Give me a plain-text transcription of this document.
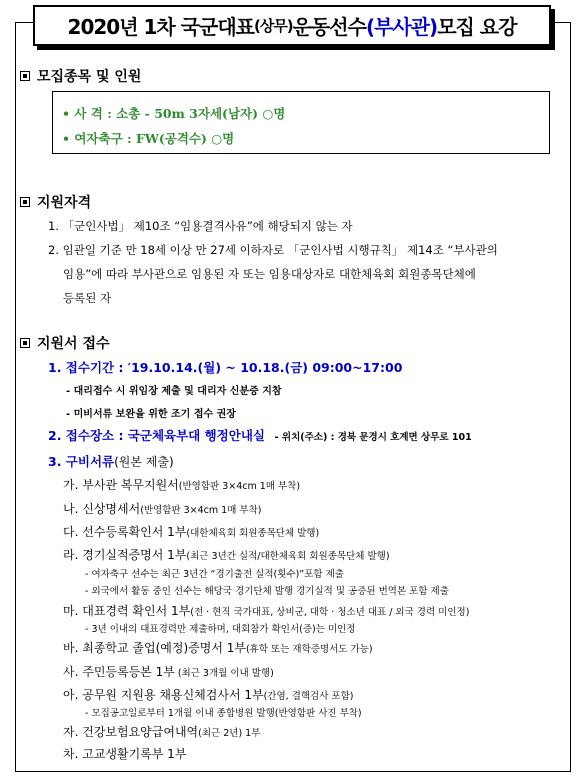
2020년 1차 국군대표 (상무) 운동선수 (부사관) 모집 요강
모집종목 및 인원
• 사 격 : 소총 - 50m 3자세(남자) ○명
• 여자축구 : FW(공격수) ○명
지원자격
1. 「군인사법」 제10조 “임용결격사유”에 해당되지 않는 자
2. 임관일 기준 만 18세 이상 만 27세 이하자로 「군인사법 시행규칙」 제14조 “부사관의
임용”에 따라 부사관으로 임용된 자 또는 임용대상자로 대한체육회 회원종목단체에
등록된 자
지원서 접수
1. 접수기간 : ′19.10.14.(월) ~ 10.18.(금) 09:00~17:00
- 대리접수 시 위임장 제출 및 대리자 신분증 지참
- 미비서류 보완을 위한 조기 접수 권장
2. 접수장소 : 국군체육부대 행정안내실 - 위치(주소) : 경북 문경시 호계면 상무로 101
3. 구비서류(원본 제출)
가. 부사관 복무지원서(반영함판 3×4cm 1매 부착)
나. 신상명세서(반영함판 3×4cm 1매 부착)
다. 선수등록확인서 1부(대한체육회 회원종목단체 발행)
라. 경기실적증명서 1부(최근 3년간 실적/대한체육회 회원종목단체 발행)
- 여자축구 선수는 최근 3년간 “경기출전 실적(횟수)”포함 제출
- 외국에서 활동 중인 선수는 해당국 경기단체 발행 경기실적 및 공증된 번역본 포함 제출
마. 대표경력 확인서 1부(전 · 현직 국가대표, 상비군, 대학 · 청소년 대표 / 외국 경력 미인정)
- 3년 이내의 대표경력만 제출하며, 대회참가 확인서(증)는 미인정
바. 최종학교 졸업(예정)증명서 1부(휴학 또는 재학증명서도 가능)
사. 주민등록등본 1부 (최근 3개월 이내 발행)
아. 공무원 지원용 채용신체검사서 1부(간염, 결핵검사 포함)
- 모집공고일로부터 1개월 이내 종합병원 발행(반영함판 사진 부착)
자. 건강보험요양급여내역(최근 2년) 1부
차. 고교생활기록부 1부
